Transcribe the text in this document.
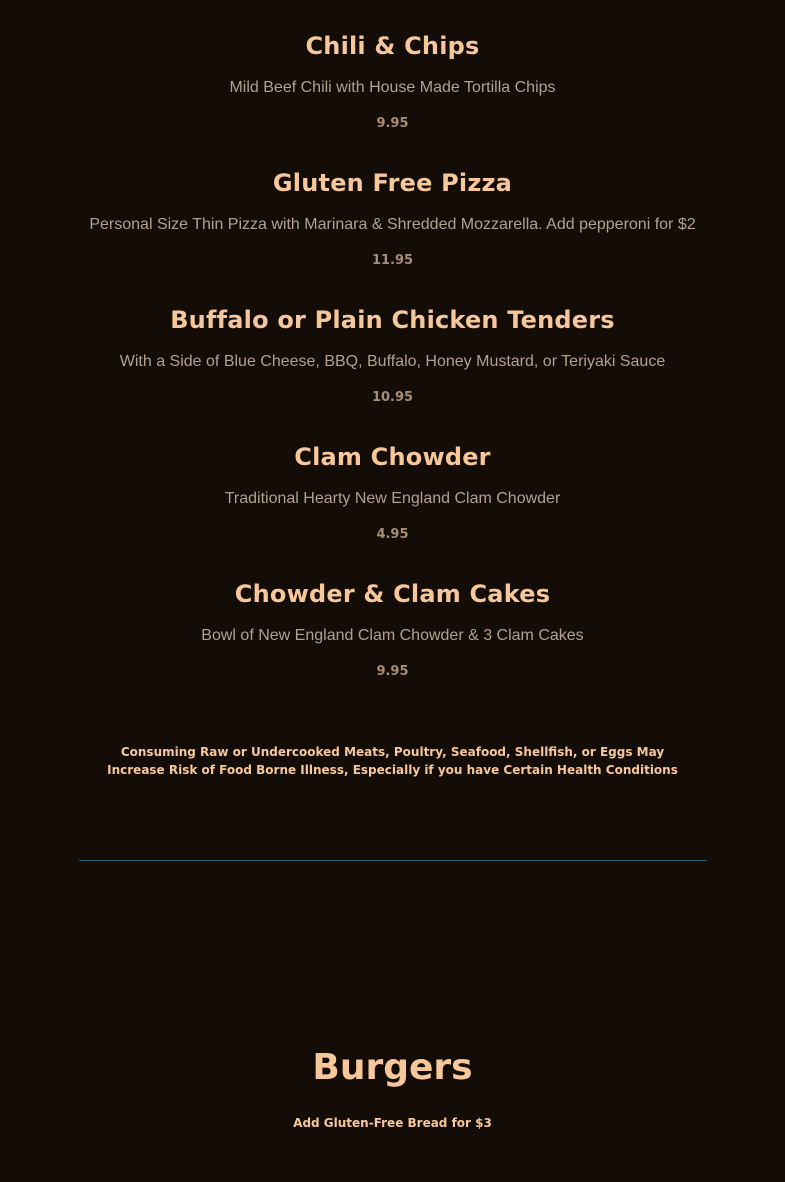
Chili & Chips
Mild Beef Chili with House Made Tortilla Chips
9.95
Gluten Free Pizza
Personal Size Thin Pizza with Marinara & Shredded Mozzarella. Add pepperoni for $2
11.95
Buffalo or Plain Chicken Tenders
With a Side of Blue Cheese, BBQ, Buffalo, Honey Mustard, or Teriyaki Sauce
10.95
Clam Chowder
Traditional Hearty New England Clam Chowder
4.95
Chowder & Clam Cakes
Bowl of New England Clam Chowder & 3 Clam Cakes
9.95
Consuming Raw or Undercooked Meats, Poultry, Seafood, Shellfish, or Eggs May Increase Risk of Food Borne Illness, Especially if you have Certain Health Conditions
Burgers
Add Gluten-Free Bread for $3
